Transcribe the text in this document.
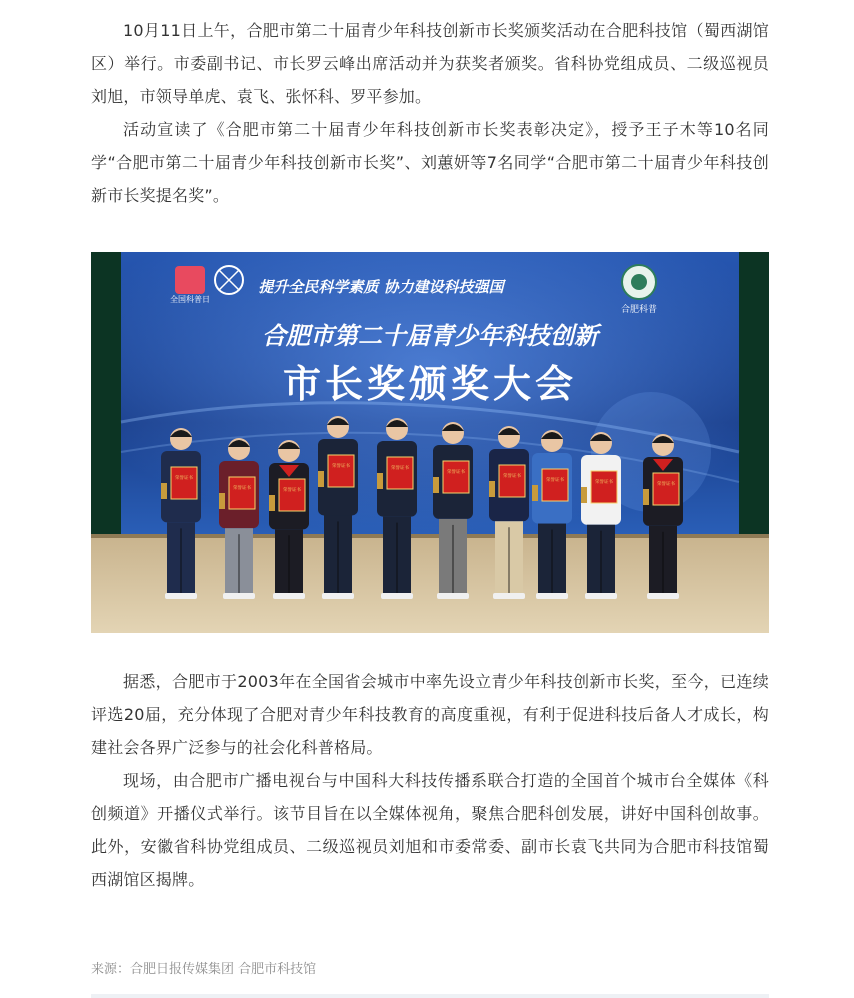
10月11日上午，合肥市第二十届青少年科技创新市长奖颁奖活动在合肥科技馆（蜀西湖馆区）举行。市委副书记、市长罗云峰出席活动并为获奖者颁奖。省科协党组成员、二级巡视员刘旭，市领导单虎、袁飞、张怀科、罗平参加。

活动宣读了《合肥市第二十届青少年科技创新市长奖表彰决定》，授予王子木等10名同学“合肥市第二十届青少年科技创新市长奖”、刘蕙妍等7名同学“合肥市第二十届青少年科技创新市长奖提名奖”。

全国科普日
合肥科普
提升全民科学素质 协力建设科技强国
合肥市第二十届青少年科技创新
市长奖颁奖大会
荣誉证书
荣誉证书	荣誉证书
荣誉证书	荣誉证书
荣誉证书
荣誉证书
荣誉证书	荣誉证书	荣誉证书

据悉，合肥市于2003年在全国省会城市中率先设立青少年科技创新市长奖，至今，已连续评选20届，充分体现了合肥对青少年科技教育的高度重视，有利于促进科技后备人才成长，构建社会各界广泛参与的社会化科普格局。

现场，由合肥市广播电视台与中国科大科技传播系联合打造的全国首个城市台全媒体《科创频道》开播仪式举行。该节目旨在以全媒体视角，聚焦合肥科创发展，讲好中国科创故事。此外，安徽省科协党组成员、二级巡视员刘旭和市委常委、副市长袁飞共同为合肥市科技馆蜀西湖馆区揭牌。

来源：合肥日报传媒集团 合肥市科技馆
